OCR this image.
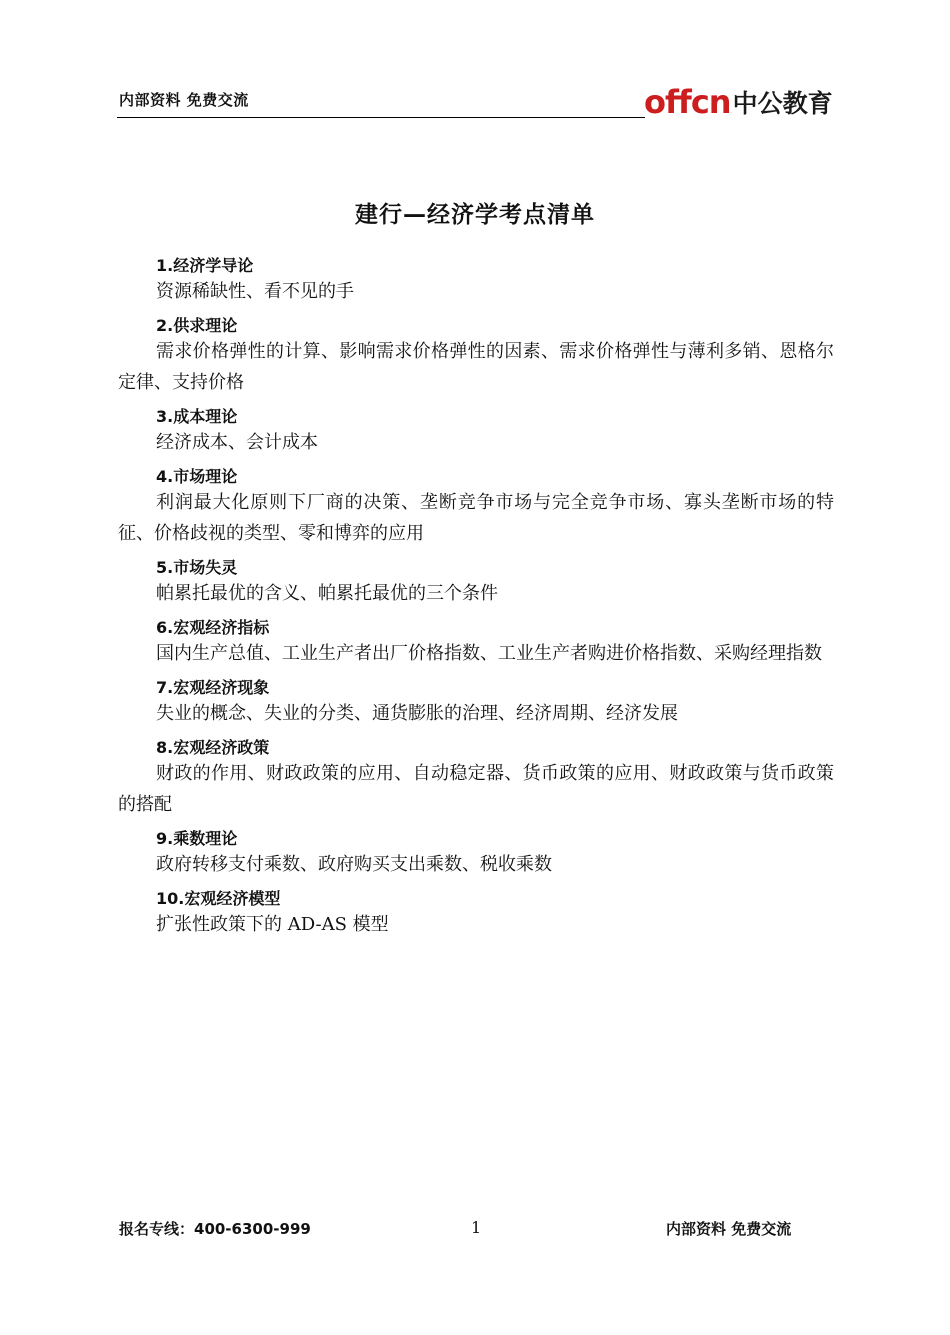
内部资料 免费交流	offcn 中公教育
建行—经济学考点清单
1.经济学导论
资源稀缺性、看不见的手
2.供求理论
需求价格弹性的计算、影响需求价格弹性的因素、需求价格弹性与薄利多销、恩格尔定律、支持价格
3.成本理论
经济成本、会计成本
4.市场理论
利润最大化原则下厂商的决策、垄断竞争市场与完全竞争市场、寡头垄断市场的特征、价格歧视的类型、零和博弈的应用
5.市场失灵
帕累托最优的含义、帕累托最优的三个条件
6.宏观经济指标
国内生产总值、工业生产者出厂价格指数、工业生产者购进价格指数、采购经理指数
7.宏观经济现象
失业的概念、失业的分类、通货膨胀的治理、经济周期、经济发展
8.宏观经济政策
财政的作用、财政政策的应用、自动稳定器、货币政策的应用、财政政策与货币政策的搭配
9.乘数理论
政府转移支付乘数、政府购买支出乘数、税收乘数
10.宏观经济模型
扩张性政策下的 AD-AS 模型
报名专线：400-6300-999	1	内部资料 免费交流
